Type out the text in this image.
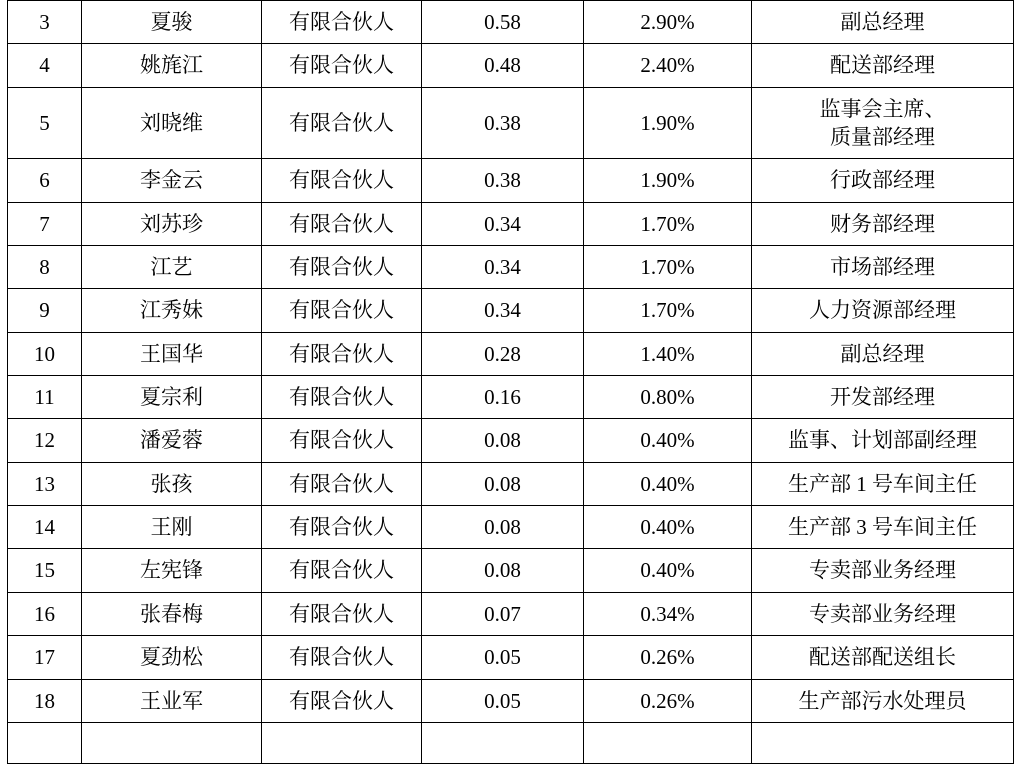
3	夏骏	有限合伙人	0.58	2.90%	副总经理
4	姚旄江	有限合伙人	0.48	2.40%	配送部经理
5	刘晓维	有限合伙人	0.38	1.90%	监事会主席、
质量部经理
6	李金云	有限合伙人	0.38	1.90%	行政部经理
7	刘苏珍	有限合伙人	0.34	1.70%	财务部经理
8	江艺	有限合伙人	0.34	1.70%	市场部经理
9	江秀妹	有限合伙人	0.34	1.70%	人力资源部经理
10	王国华	有限合伙人	0.28	1.40%	副总经理
11	夏宗利	有限合伙人	0.16	0.80%	开发部经理
12	潘爱蓉	有限合伙人	0.08	0.40%	监事、计划部副经理
13	张孩	有限合伙人	0.08	0.40%	生产部 1 号车间主任
14	王刚	有限合伙人	0.08	0.40%	生产部 3 号车间主任
15	左宪锋	有限合伙人	0.08	0.40%	专卖部业务经理
16	张春梅	有限合伙人	0.07	0.34%	专卖部业务经理
17	夏劲松	有限合伙人	0.05	0.26%	配送部配送组长
18	王业军	有限合伙人	0.05	0.26%	生产部污水处理员
